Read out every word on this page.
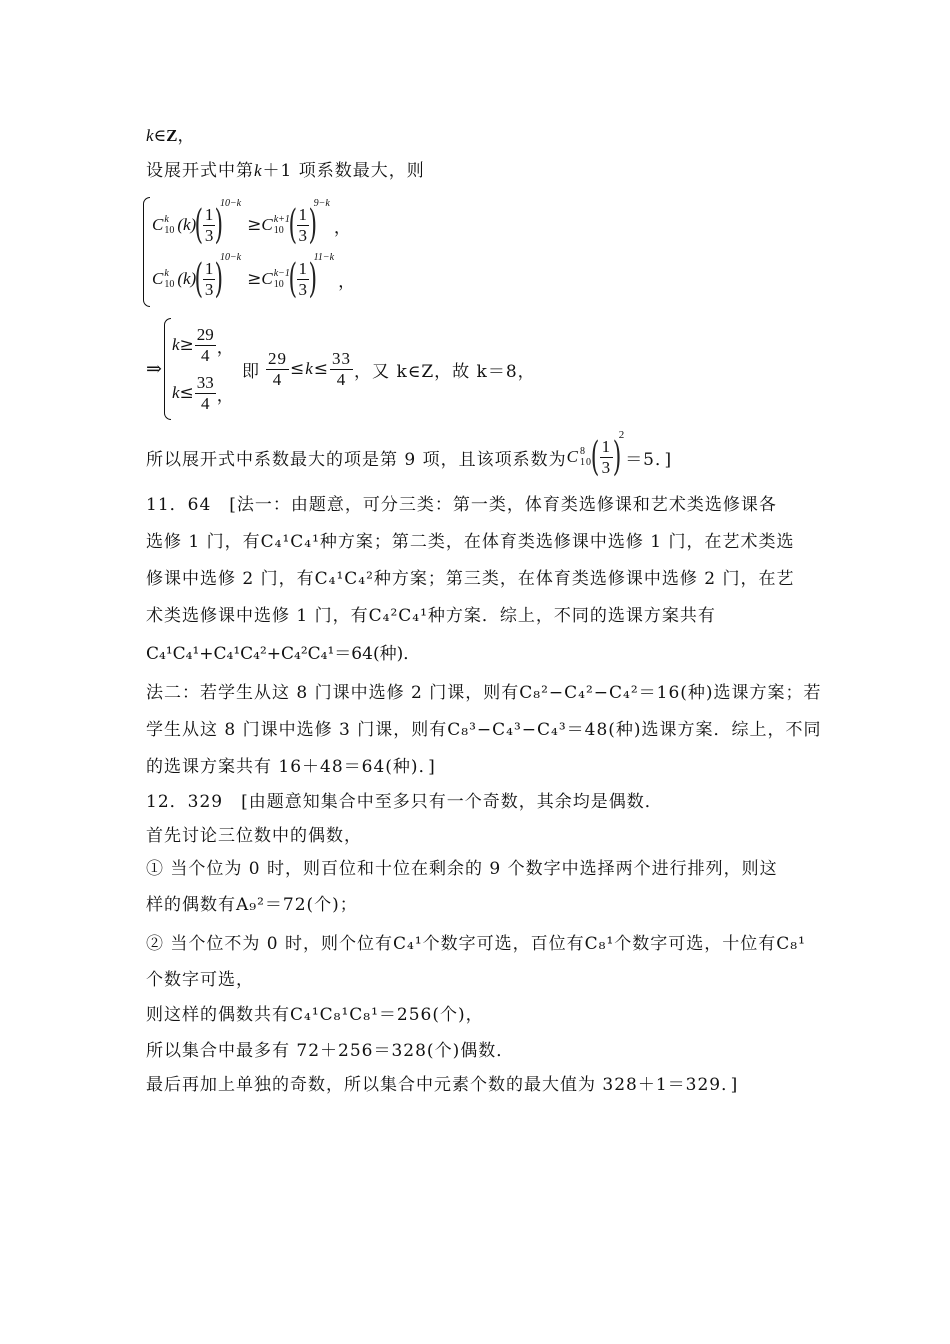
k∈Z，
设展开式中第k＋1 项系数最大，则
C k
10 (k)
( $\frac{1}{3}$ )
10−k
≥ C k+1
10 ( $\frac{1}{3}$ )
9−k
，
C k
10 (k)
( $\frac{1}{3}$ )
10−k
≥ C k−1
10 ( $\frac{1}{3}$ )
11−k
，
⇒
$k \ge \frac{29}{4}$ ，
$k \le \frac{33}{4}$ ，
即 $\frac{29}{4} \le k \le \frac{33}{4}$ ，又 k∈Z，故 k＝8，
所以展开式中系数最大的项是第 9 项，且该项系数为 C 8
10
( $\frac{1}{3}$ )
2
＝5．]
11．64　[法一：由题意，可分三类：第一类，体育类选修课和艺术类选修课各
选修 1 门，有C₄¹C₄¹种方案；第二类，在体育类选修课中选修 1 门，在艺术类选
修课中选修 2 门，有C₄¹C₄²种方案；第三类，在体育类选修课中选修 2 门，在艺
术类选修课中选修 1 门，有C₄²C₄¹种方案．综上，不同的选课方案共有
C₄¹C₄¹+C₄¹C₄²+C₄²C₄¹＝64(种)．
法二：若学生从这 8 门课中选修 2 门课，则有C₈²−C₄²−C₄²＝16(种)选课方案；若
学生从这 8 门课中选修 3 门课，则有C₈³−C₄³−C₄³＝48(种)选课方案．综上，不同
的选课方案共有 16＋48＝64(种)．]
12．329　[由题意知集合中至多只有一个奇数，其余均是偶数．
首先讨论三位数中的偶数，
① 当个位为 0 时，则百位和十位在剩余的 9 个数字中选择两个进行排列，则这
样的偶数有A₉²＝72(个)；
② 当个位不为 0 时，则个位有C₄¹个数字可选，百位有C₈¹个数字可选，十位有C₈¹
个数字可选，
则这样的偶数共有C₄¹C₈¹C₈¹＝256(个)，
所以集合中最多有 72＋256＝328(个)偶数．
最后再加上单独的奇数，所以集合中元素个数的最大值为 328＋1＝329．]
